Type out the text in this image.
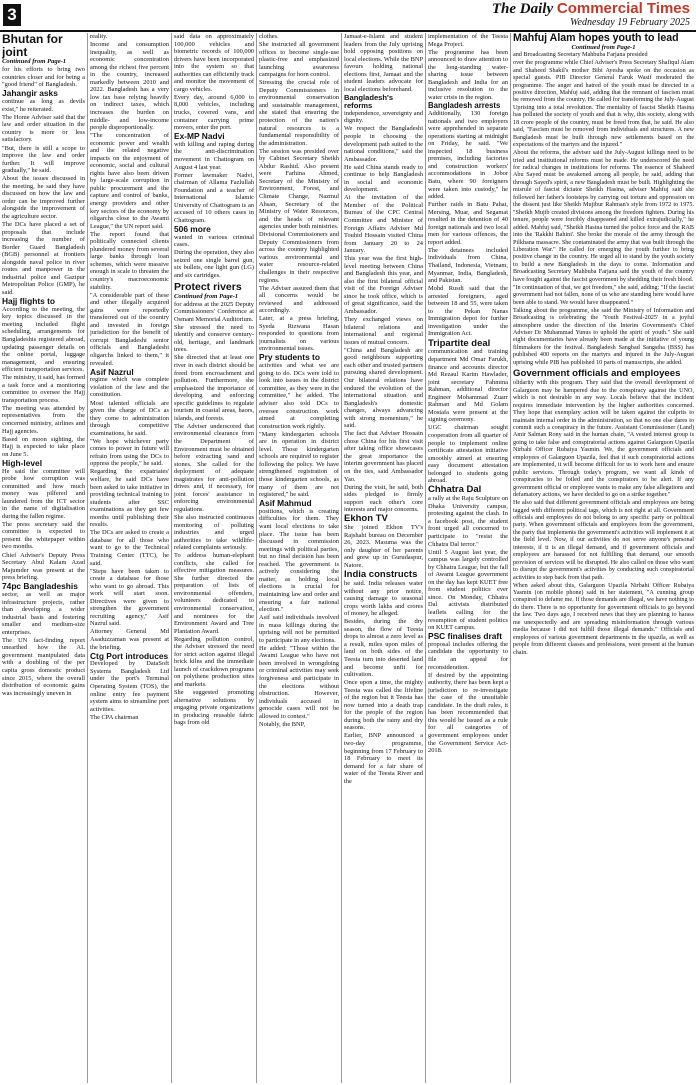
3	The Daily Commercial Times
Wednesday 19 February 2025
Bhutan for joint

Continued from Page-1

for his efforts to bring two countries closer and for being a "good friend" of Bangladesh.

Jahangir asks

continue as long as devils exist," he reiterated.

The Home Adviser said that the law and order situation in the country is more or less satisfactory.

"But, there is still a scope to improve the law and order further. It will improve gradually," he said.

About the issues discussed in the meeting, he said they have discussed on how the law and order can be improved further alongside the improvement of the agriculture sector.

The DCs have placed a set of proposals that include increasing the number of Border Guard Bangladesh (BGB) personnel at frontiers alongside naval police in river routes and manpower in the industrial police and Gazipur Metropolitan Police (GMP), he said.

Hajj flights to

According to the meeting, the key topics discussed in the meeting included flight scheduling, arrangements for Bangladeshis registered abroad, updating passenger details on the online portal, luggage management, and ensuring efficient transportation services.

The ministry, it said, has formed a task force and a monitoring committee to oversee the Hajj transportation process.

The meeting was attended by representatives from the concerned ministry, airlines and Hajj agencies.

Based on moon sighting, the Hajj is expected to take place on June 5.

High-level

He said the committee will probe how corruption was committed and how much money was pilfered and laundered from the ICT sector in the name of digitalisation during the fallen regime.

The press secretary said the committee is expected to present the whitepaper within two months.

Chief Adviser's Deputy Press Secretary Abul Kalam Azad Majumder was present at the press briefing.

74pc Bangladeshis

sector, as well as major infrastructure projects, rather than developing a wider industrial basis and fostering smaller and medium-size enterprises.

The UN fact-finding report unearthed how the AL government manipulated data with a doubling of the per capita gross domestic product since 2015, where the overall distribution of economic gains was increasingly uneven in

reality.

Income and consumption inequality, as well as economic concentration among the richest five percent in the country, increased markedly between 2010 and 2022. Bangladesh has a very low tax base relying heavily on indirect taxes, which increases the burden on middle- and low-income people disproportionally.

"The concentration of economic power and wealth and the related negative impacts on the enjoyment of economic, social and cultural rights have also been driven by large-scale corruption in public procurement and the capture and control of banks, energy providers and other key sectors of the economy by oligarchs close to the Awami League," the UN report said.

The report found that politically connected clients plundered money from several large banks through loan schemes, which were massive enough in scale to threaten the country's macroeconomic stability.

"A considerable part of these and other illegally acquired gains were reportedly transferred out of the country and invested in foreign jurisdiction for the benefit of corrupt Bangladeshi senior officials and Bangladeshi oligarchs linked to them," it revealed.

Asif Nazrul

regime which was complete violation of the law and the constitution.

Most talented officials are given the charge of DCs as they come to administration through competitive examinations, he said.

"We hope whichever party comes to power in future will refrain from using the DCs to oppress the people," he said.

Regarding the expatriates' welfare, he said DCs have been asked to take initiative in providing technical training to students after SSC examinations as they get few months until publishing their results.

The DCs are asked to create a database for all those who want to go to the Technical Training Center (TTC), he said.

"Steps have been taken to create a database for those who want to go abroad. This work will start soon. Directives were given to strengthen the government recruiting agency," Asif Nazrul said.

Attorney General Md Asaduzzaman was present at the briefing.

Ctg Port introduces

Developed by DataSoft Systems Bangladesh Ltd under the port's Terminal Operating System (TOS), the online entry fee payment system aims to streamline port activities.

The CPA chairman

said data on approximately 100,000 vehicles and biometric records of 100,000 drivers have been incorporated into the system so that authorities can efficiently track and monitor the movement of cargo vehicles.

Every day, around 6,000 to 8,000 vehicles, including trucks, covered vans, and container carrying prime movers, enter the port.

Ex-MP Nadvi

with killing and raping during the anti-discrimination movement in Chattogram on August 4 last year.

Former lawmaker Nadvi, chairman of Allama Fazlullah Foundation and a teacher of International Islamic University of Chattogram is an accused of 10 others cases in Chattogram.

506 more

wanted in various criminal cases.

During the operation, they also seized one single barrel gun, six bullets, one light gun (LG) and six cartridges.

Protect rivers

Continued from Page-1

for address at the 2025 Deputy Commissioners' Conference at Osmani Memorial Auditorium.

She stressed the need to identify and conserve century-old, heritage, and landmark trees.

She directed that at least one river in each district should be freed from encroachment and pollution. Furthermore, she emphasized the importance of developing and enforcing specific guidelines to regulate tourism in coastal areas, haors, islands, and forests.

The Adviser underscored that environmental clearance from the Department of Environment must be obtained before extracting sand and stones. She called for the deployment of adequate magistrates for anti-pollution drives and, if necessary, for joint forces' assistance in enforcing environmental regulations.

She also instructed continuous monitoring of polluting industries and urged authorities to take wildlife-related complaints seriously.

To address human-elephant conflicts, she called for effective mitigation measures. She further directed the preparation of lists of environmental offenders, volunteers dedicated to environmental conservation, and nominees for the Environment Award and Tree Plantation Award.

Regarding pollution control, the Adviser stressed the need for strict action against illegal brick kilns and the immediate launch of crackdown programs on polythene production sites and markets.

She suggested promoting alternative solutions by engaging private organizations in producing reusable fabric bags from old

clothes.

She instructed all government offices to become single-use plastic-free and emphasized launching awareness campaigns for horn control.

Stressing the crucial role of Deputy Commissioners in environmental conservation and sustainable management, she stated that ensuring the protection of the nation's natural resources is a fundamental responsibility of the administration.

The session was presided over by Cabinet Secretary Sheikh Abdur Rashid. Also present were Farhina Ahmed, Secretary of the Ministry of Environment, Forest, and Climate Change, Nazmul Ahsan, Secretary of the Ministry of Water Resources, and the heads of relevant agencies under both ministries.

Divisional Commissioners and Deputy Commissioners from across the country highlighted various environmental and water resource-related challenges in their respective regions.

The Adviser assured them that all concerns would be reviewed and addressed accordingly.

Later, at a press briefing, Syeda Rizwana Hasan responded to questions from journalists on various environmental issues.

Pry students to

activities and what we are going to do. DCs were told to look into issues in the district committee, as they were in the committee," he added. The adviser also told DCs to oversee construction work aimed at completing construction work rightly.

"Many kindergarten schools are in operation in district level. Those kindergarten schools are required to register following the policy. We have strengthened registration of those kindergarten schools, as many of them are not registered," he said.

Asif Mahmud

positions, which is creating difficulties for them. They want local elections to take place. The issue has been discussed in commission meetings with political parties, but no final decision has been reached. The government is actively considering the matter, as holding local elections is crucial for maintaining law and order and ensuring a fair national election."

Asif said individuals involved in mass killings during the uprising will not be permitted to participate in any elections.

He added: "Those within the Awami League who have not been involved in wrongdoing or criminal activities may seek forgiveness and participate in the elections without obstruction. However, individuals accused in genocide cases will not be allowed to contest."

Notably, the BNP,

Jamaat-e-Islami and student leaders from the July uprising hold opposing positions on local elections. While the BNP favours holding national elections first, Jamaat and the student leaders advocate for local elections beforehand.

Bangladesh's reforms

independence, sovereignty and dignity.

We respect the Bangladeshi people in choosing the development path suited to the national conditions," said the Ambassador.

He said China stands ready to continue to help Bangladesh in social and economic development.

At the invitation of the Member of the Political Bureau of the CPC Central Committee and Minister of Foreign Affairs Adviser Md Touhid Hossain visited China from January 20 to 24 January.

This year was the first high-level meeting between China and Bangladesh this year, and also the first bilateral official visit of the Foreign Adviser since he took office, which is of great significance, said the Ambassador.

They exchanged views on bilateral relations and international and regional issues of mutual concern.

"China and Bangladesh are good neighbours supporting each other and trusted partners pursuing shared development. Our bilateral relations have endured the evolution of the international situation and Bangladesh's domestic changes, always advancing with strong momentum," he said.

The fact that Adviser Hossain chose China for his first visit after taking office showcases the great importance the interim government has placed on the ties, said Ambassador Yao.

During the visit, he said, both sides pledged to firmly support each other's core interests and major concerns.

Ekhon TV

She joined Ekhon TV's Rajshahi bureau on December 26, 2023. Masuma was the only daughter of her parents and grew up in Gurudaspur, Natore.

India constructs

he said. India releases water without any prior notice, causing damage to seasonal crops worth lakhs and crores of money, he alleged.

Besides, during the dry season, the flow of Teesta drops to almost a zero level as a result, miles upon miles of land on both sides of the Teesta turn into deserted land and become unfit for cultivation.

Once upon a time, the mighty Teesta was called the lifeline of the region but it Teesta has now turned into a death trap for the people of the region during both the rainy and dry seasons.

Earlier, BNP announced a two-day programme, beginning from 17 February to 18 February to meet its demand for a fair share of water of the Teesta River and the

implementation of the Teesta Mega Project.

The programme has been announced to draw attention to the long-standing water-sharing issue between Bangladesh and India for an inclusive resolution to the water crisis in the region.

Bangladesh arrests

Additionally, 130 foreign nationals and two employers were apprehended in separate operations starting at midnight on Friday, he said. "We inspected 18 business premises, including factories and construction workers' accommodations in Jobor Batu, where 90 foreigners were taken into custody," he added.

Further raids in Batu Pahat, Mersing, Muar, and Segamat resulted in the detention of 40 foreign nationals and two local men for various offences, the report added.

The detainees included individuals from China, Thailand, Indonesia, Vietnam, Myanmar, India, Bangladesh, and Pakistan.

Mohd Rusdi said that the arrested foreigners, aged between 18 and 55, were taken to the Pekan Nanas Immigration depot for further investigation under the Immigration Act.

Tripartite deal

communication and training department Md Omar Farukh, finance and accounts director Md Rezaul Karim Hawlader, joint secretary Fahmina Rahman, additional director Engineer Mohammad Zuarr Rahman and Md Golam Mostafa were present at the signing ceremony.

UGC chairman sought cooperation from all quarter of people to implement online certificate attestation initiative smoothly aimed at ensuring easy document attestation belonged to students going abroad.

Chhatra Dal

a rally at the Raju Sculpture on Dhaka University campus, protesting against the clash. In a facebook post, the student front urged all concerned to participate to "resist the Chhatra Dal terror."

Until 5 August last year, the campus was largely controlled by Chhatra League, but the fall of Awami League government on the day has kept KUET free from student politics ever since. On Monday, Chhatra Dal activists distributed leaflets calling for the resumption of student politics on KUET campus.

PSC finalises draft

proposal includes offering the candidate the opportunity to file an appeal for reconsideration.

If desired by the appointing authority, there has been kept a jurisdiction to re-investigate the case of the unsuitable candidate. In the draft rules, it has been recommended that this would be issued as a rule for all categories of government employees under the Government Service Act-2018.

Mahfuj Alam hopes youth to lead

Continued from Page-1

and Broadcasting Secretary Mahbuba Farjana presided

over the programme while Chief Adviser's Press Secretary Shafiqul Alam and Shaheed Shakil's mother Bibi Ayesha spoke on the occasion as special guests. PIB Director General Faruk Wasif moderated the programme. The anger and hatred of the youth must be directed in a positive direction, Mahfuj said, adding that the remnant of fascism must be removed from the country. He called for transforming the July-August Uprising into a total revolution. The mentality of fascist Sheikh Hasina has polluted the society of youth and that is why, this society, along with 18 crore people of the country, must be freed from that, he said. He also said, "Fascism must be removed from individuals and structures. A new Bangladesh must be built through new settlements based on the expectations of the martyrs and the injured."

About the reforms, the adviser said the July-August killings need to be tried and institutional reforms must be made. He underscored the need for radical changes in institutions for reforms. The essence of Shaheed Abu Sayed must be awakened among all people, he said, adding that through Sayed's spirit, a new Bangladesh must be built. Highlighting the misrule of fascist dictator Sheikh Hasina, adviser Mahfuj said she followed her father's footsteps by carrying out torture and oppression on the dissent just like Sheikh Mujibur Rahman's style from 1972 to 1975. "Sheikh Mujib created divisions among the freedom fighters. During his tenure, people were forcibly disappeared and killed extrajudicially," he added. Mahfuj said, "Sheikh Hasina turned the police force and the RAB into the 'Rakkhi Bahini'. She broke the morale of the army through the Pilkhana massacre. She contaminated the army that was built through the Liberation War." He called for emerging the youth further to bring positive change in the country. He urged all to stand by the youth society to build a new Bangladesh in the days to come. Information and Broadcasting Secretary Mahbuba Farjana said the youth of the country have fought against the fascist government by shedding their fresh blood.

"In continuation of that, we got freedom," she said, adding: "If the fascist government had not fallen, none of us who are standing here would have been able to stand. We would have disappeared."

Talking about the programme, she said the Ministry of Information and Broadcasting is celebrating the 'Youth Festival-2025' in a joyful atmosphere under the direction of the Interim Government's Chief Adviser Dr Muhammad Yunus to uphold the spirit of youth." She said eight documentaries have already been made at the initiative of young filmmakers for the festival. Bangladesh Sangbad Sangstha (BSS) has published 400 reports on the martyrs and injured in the July-August uprising while PIB has published 10 parts of manuscripts, she added.

Government officials and employees

olidarity with this program. They said that the overall development of Galarguon may be hampered due to the conspiracy against the UNO, which is not desirable in any way. Locals believe that the incident requires immediate intervention by the higher authorities concerned. They hope that exemplary action will be taken against the culprits to maintain internal order in the administration, so that no one else dares to commit such a conspiracy in the future. Assistant Commissioner (Land) Amir Salman Rony said in the human chain, "A vested interest group is going to take false and conspiratorial actions against Galarguon Upazila Nirbahi Officer Rubaiya Yasmin. We, the government officials and employees of Galarguon Upazila, feel that if such conspiratorial actions are implemented, it will become difficult for us to work here and ensure public services. Through today's program, we want all kinds of conspiracies to be foiled and the conspirators to be alert. If any government official or employee wants to make any false allegations and defamatory actions, we have decided to go on a strike together."

He also said that different government officials and employees are being tagged with different political tags, which is not right at all. Government officials and employees do not belong to any specific party or political party. When government officials and employees from the government, the party that implements the government's activities will implement it at the field level. Now, if our activities do not serve anyone's personal interests, if it is an illegal demand, and if government officials and employees are harassed for not fulfilling that demand, our smooth provision of services will be disrupted. He also called on those who want to disrupt the government's activities by conducting such conspiratorial activities to step back from that path.

When asked about this, Galarguon Upazila Nirbahi Officer Rubaiya Yasmin (on mobile phone) said in her statement, "A cunning group conspired to defame me. If those demands are illegal, we have nothing to do there. There is no opportunity for government officials to go beyond the law. Two days ago, I received news that they are planning to harass me unexpectedly and are spreading misinformation through various media because I did not fulfill those illegal demands." Officials and employees of various government departments in the upazila, as well as people from different classes and professions, were present at the human chain.
